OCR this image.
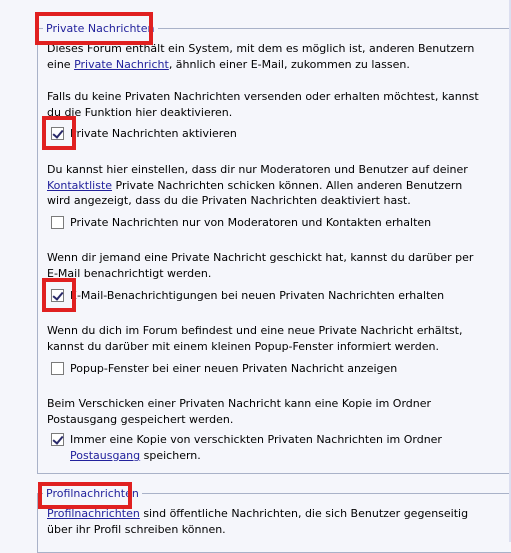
Private Nachrichten
Dieses Forum enthält ein System, mit dem es möglich ist, anderen Benutzern eine Private Nachricht, ähnlich einer E-Mail, zukommen zu lassen.
Falls du keine Privaten Nachrichten versenden oder erhalten möchtest, kannst du die Funktion hier deaktivieren.
Private Nachrichten aktivieren
Du kannst hier einstellen, dass dir nur Moderatoren und Benutzer auf deiner Kontaktliste Private Nachrichten schicken können. Allen anderen Benutzern wird angezeigt, dass du die Privaten Nachrichten deaktiviert hast.
Private Nachrichten nur von Moderatoren und Kontakten erhalten
Wenn dir jemand eine Private Nachricht geschickt hat, kannst du darüber per E-Mail benachrichtigt werden.
E-Mail-Benachrichtigungen bei neuen Privaten Nachrichten erhalten
Wenn du dich im Forum befindest und eine neue Private Nachricht erhältst, kannst du darüber mit einem kleinen Popup-Fenster informiert werden.
Popup-Fenster bei einer neuen Privaten Nachricht anzeigen
Beim Verschicken einer Privaten Nachricht kann eine Kopie im Ordner Postausgang gespeichert werden.
Immer eine Kopie von verschickten Privaten Nachrichten im Ordner Postausgang speichern.
Profilnachrichten
Profilnachrichten sind öffentliche Nachrichten, die sich Benutzer gegenseitig über ihr Profil schreiben können.
